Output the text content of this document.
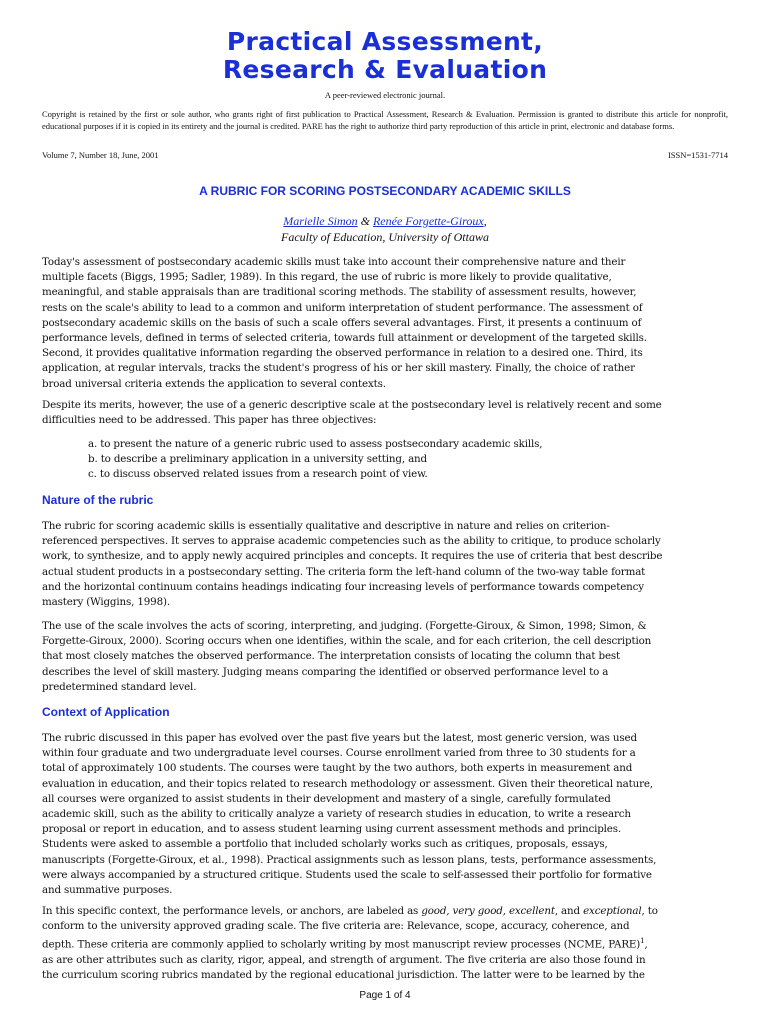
Practical Assessment,
Research & Evaluation
A peer-reviewed electronic journal.
Copyright is retained by the first or sole author, who grants right of first publication to Practical Assessment, Research & Evaluation. Permission is granted to distribute this article for nonprofit, educational purposes if it is copied in its entirety and the journal is credited. PARE has the right to authorize third party reproduction of this article in print, electronic and database forms.
Volume 7, Number 18, June, 2001	ISSN=1531-7714
A RUBRIC FOR SCORING POSTSECONDARY ACADEMIC SKILLS
Marielle Simon & Renée Forgette-Giroux,
Faculty of Education, University of Ottawa

Today's assessment of postsecondary academic skills must take into account their comprehensive nature and their

multiple facets (Biggs, 1995; Sadler, 1989). In this regard, the use of rubric is more likely to provide qualitative,

meaningful, and stable appraisals than are traditional scoring methods. The stability of assessment results, however,

rests on the scale's ability to lead to a common and uniform interpretation of student performance. The assessment of

postsecondary academic skills on the basis of such a scale offers several advantages. First, it presents a continuum of

performance levels, defined in terms of selected criteria, towards full attainment or development of the targeted skills.

Second, it provides qualitative information regarding the observed performance in relation to a desired one. Third, its

application, at regular intervals, tracks the student's progress of his or her skill mastery. Finally, the choice of rather

broad universal criteria extends the application to several contexts.

Despite its merits, however, the use of a generic descriptive scale at the postsecondary level is relatively recent and some

difficulties need to be addressed. This paper has three objectives:

a. to present the nature of a generic rubric used to assess postsecondary academic skills,
b. to describe a preliminary application in a university setting, and
c. to discuss observed related issues from a research point of view.
Nature of the rubric

The rubric for scoring academic skills is essentially qualitative and descriptive in nature and relies on criterion-

referenced perspectives. It serves to appraise academic competencies such as the ability to critique, to produce scholarly

work, to synthesize, and to apply newly acquired principles and concepts. It requires the use of criteria that best describe

actual student products in a postsecondary setting. The criteria form the left-hand column of the two-way table format

and the horizontal continuum contains headings indicating four increasing levels of performance towards competency

mastery (Wiggins, 1998).

The use of the scale involves the acts of scoring, interpreting, and judging. (Forgette-Giroux, & Simon, 1998; Simon, &

Forgette-Giroux, 2000). Scoring occurs when one identifies, within the scale, and for each criterion, the cell description

that most closely matches the observed performance. The interpretation consists of locating the column that best

describes the level of skill mastery. Judging means comparing the identified or observed performance level to a

predetermined standard level.

Context of Application

The rubric discussed in this paper has evolved over the past five years but the latest, most generic version, was used

within four graduate and two undergraduate level courses. Course enrollment varied from three to 30 students for a

total of approximately 100 students. The courses were taught by the two authors, both experts in measurement and

evaluation in education, and their topics related to research methodology or assessment. Given their theoretical nature,

all courses were organized to assist students in their development and mastery of a single, carefully formulated

academic skill, such as the ability to critically analyze a variety of research studies in education, to write a research

proposal or report in education, and to assess student learning using current assessment methods and principles.

Students were asked to assemble a portfolio that included scholarly works such as critiques, proposals, essays,

manuscripts (Forgette-Giroux, et al., 1998). Practical assignments such as lesson plans, tests, performance assessments,

were always accompanied by a structured critique. Students used the scale to self-assessed their portfolio for formative

and summative purposes.

In this specific context, the performance levels, or anchors, are labeled as good, very good, excellent, and exceptional, to

conform to the university approved grading scale. The five criteria are: Relevance, scope, accuracy, coherence, and

depth. These criteria are commonly applied to scholarly writing by most manuscript review processes (NCME, PARE)$^1$,

as are other attributes such as clarity, rigor, appeal, and strength of argument. The five criteria are also those found in

the curriculum scoring rubrics mandated by the regional educational jurisdiction. The latter were to be learned by the

Page 1 of 4
